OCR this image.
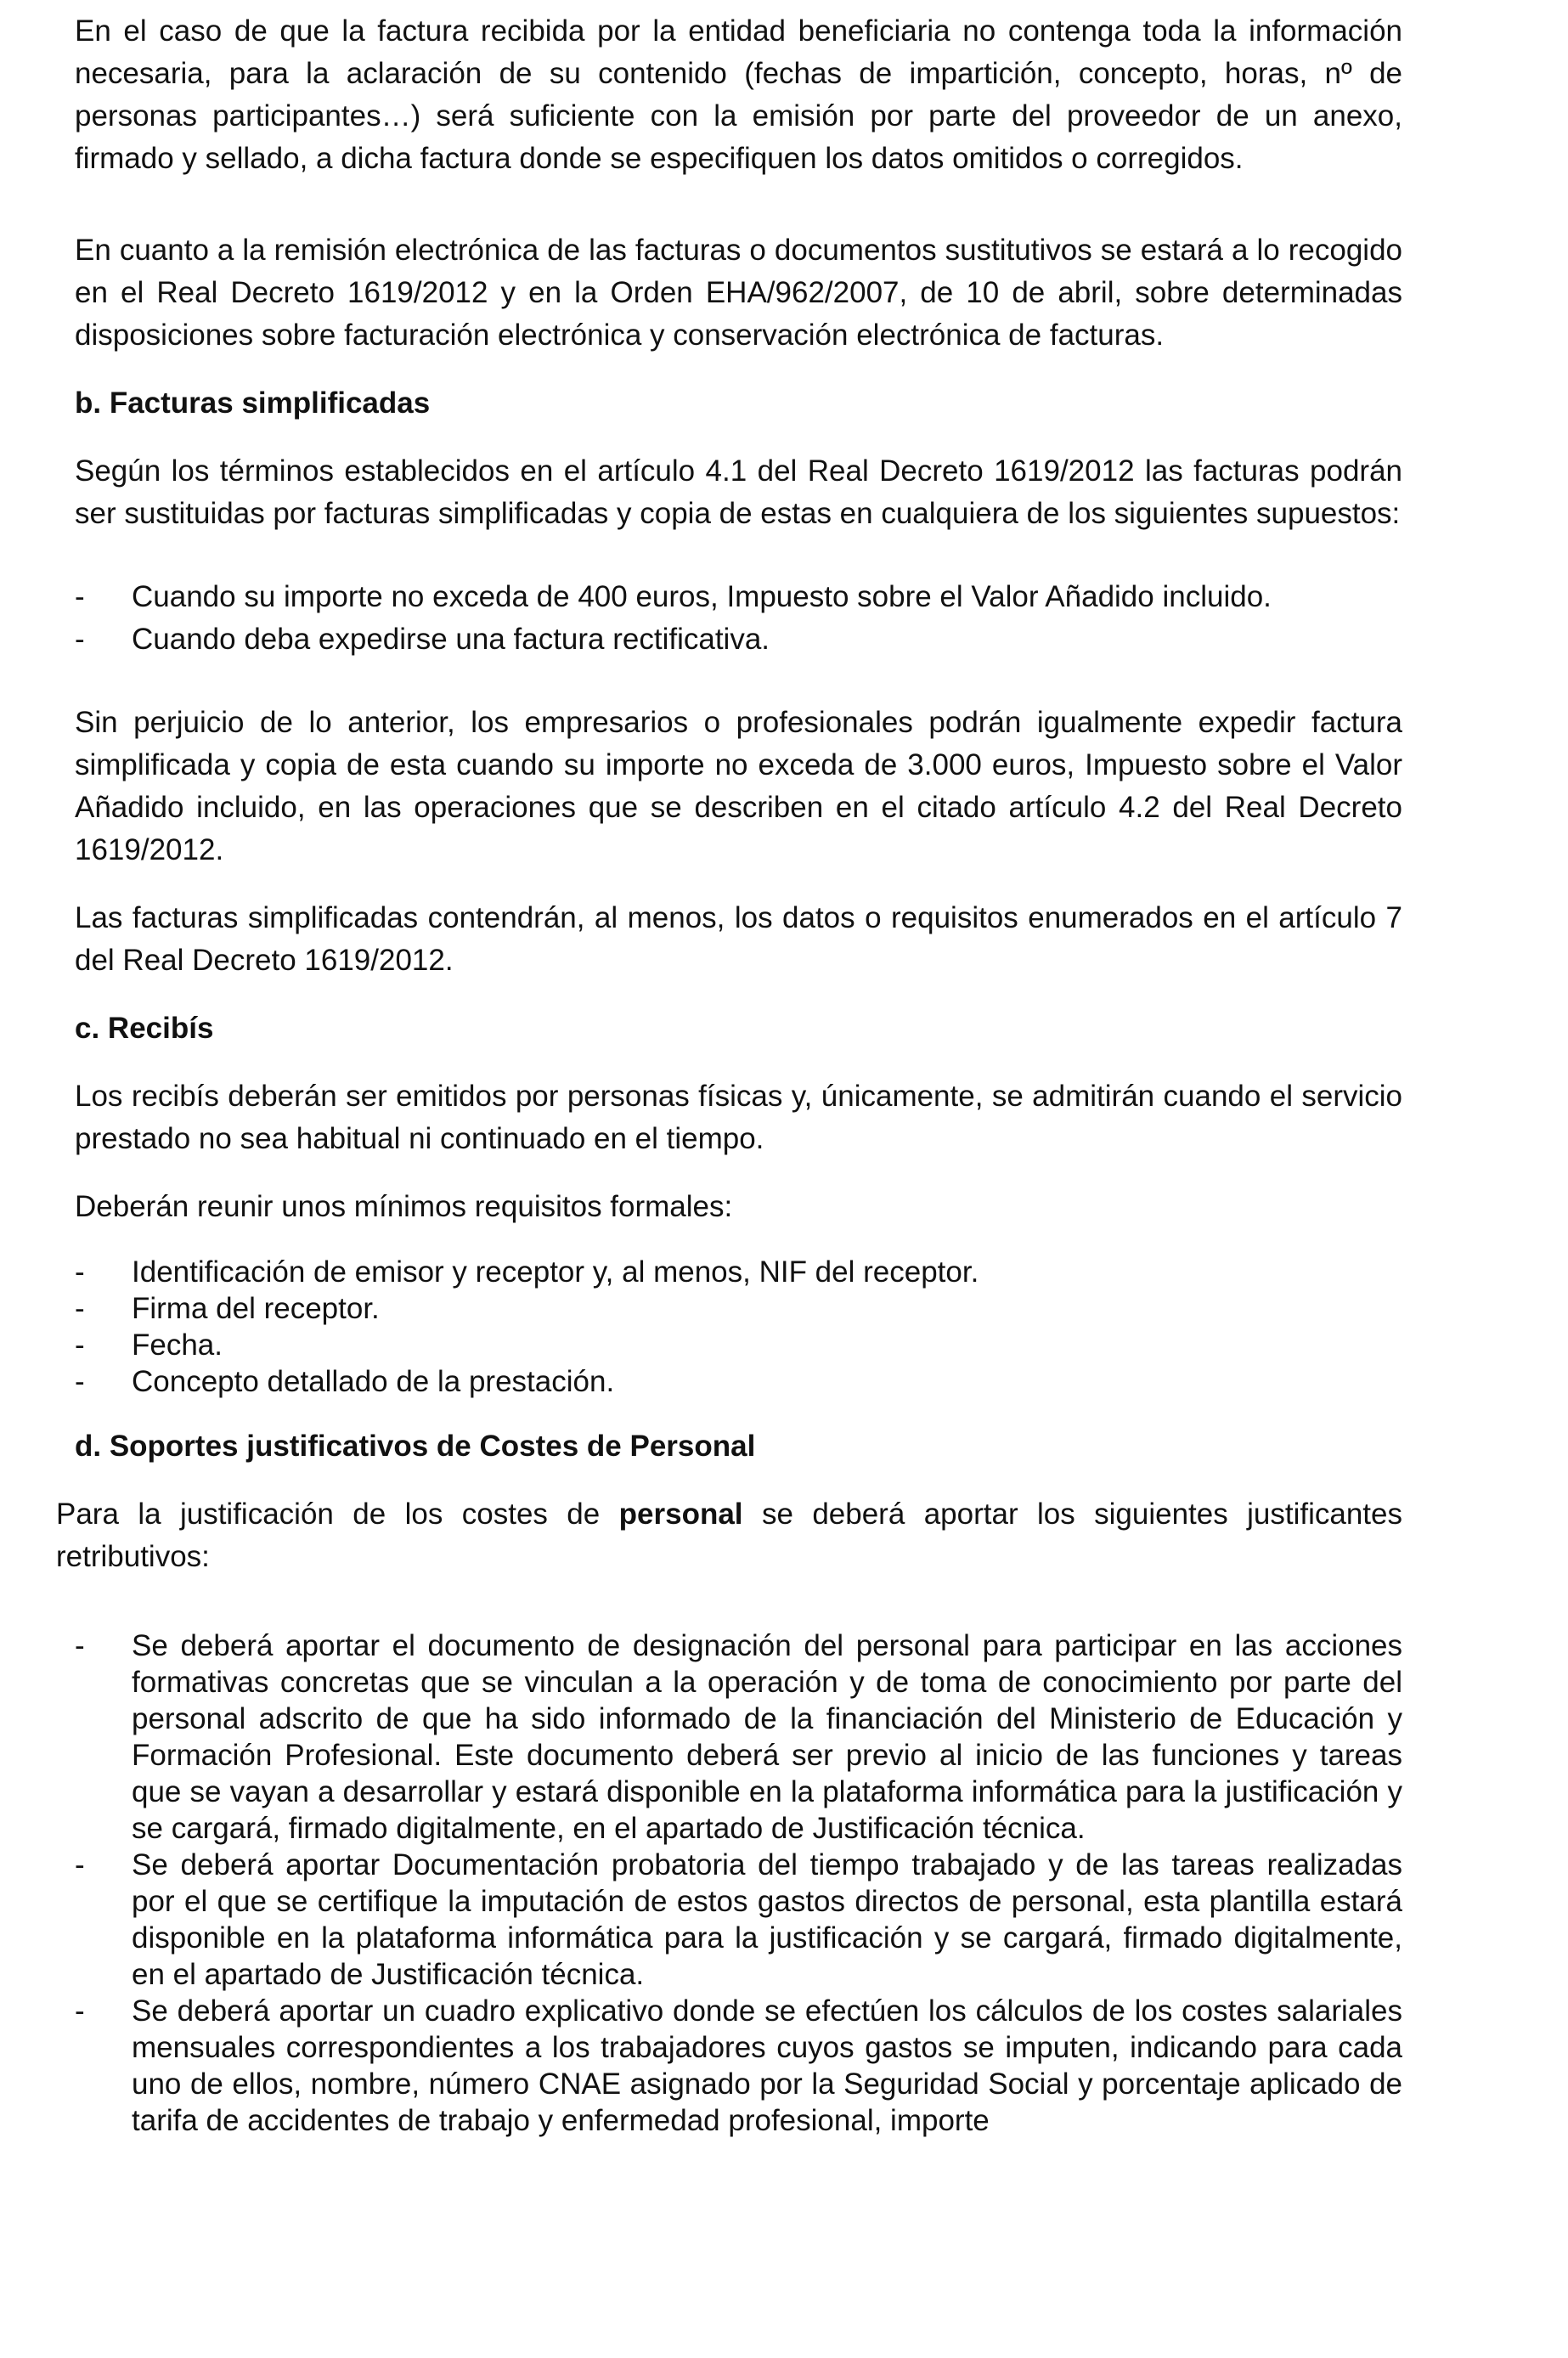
En el caso de que la factura recibida por la entidad beneficiaria no contenga toda la información necesaria, para la aclaración de su contenido (fechas de impartición, concepto, horas, nº de personas participantes…) será suficiente con la emisión por parte del proveedor de un anexo, firmado y sellado, a dicha factura donde se especifiquen los datos omitidos o corregidos.

En cuanto a la remisión electrónica de las facturas o documentos sustitutivos se estará a lo recogido en el Real Decreto 1619/2012 y en la Orden EHA/962/2007, de 10 de abril, sobre determinadas disposiciones sobre facturación electrónica y conservación electrónica de facturas.

b. Facturas simplificadas

Según los términos establecidos en el artículo 4.1 del Real Decreto 1619/2012 las facturas podrán ser sustituidas por facturas simplificadas y copia de estas en cualquiera de los siguientes supuestos:

- Cuando su importe no exceda de 400 euros, Impuesto sobre el Valor Añadido incluido.
- Cuando deba expedirse una factura rectificativa.

Sin perjuicio de lo anterior, los empresarios o profesionales podrán igualmente expedir factura simplificada y copia de esta cuando su importe no exceda de 3.000 euros, Impuesto sobre el Valor Añadido incluido, en las operaciones que se describen en el citado artículo 4.2 del Real Decreto 1619/2012.

Las facturas simplificadas contendrán, al menos, los datos o requisitos enumerados en el artículo 7 del Real Decreto 1619/2012.

c. Recibís

Los recibís deberán ser emitidos por personas físicas y, únicamente, se admitirán cuando el servicio prestado no sea habitual ni continuado en el tiempo.

Deberán reunir unos mínimos requisitos formales:

- Identificación de emisor y receptor y, al menos, NIF del receptor.
- Firma del receptor.
- Fecha.
- Concepto detallado de la prestación.
d. Soportes justificativos de Costes de Personal

Para la justificación de los costes de personal se deberá aportar los siguientes justificantes retributivos:

- Se deberá aportar el documento de designación del personal para participar en las acciones formativas concretas que se vinculan a la operación y de toma de conocimiento por parte del personal adscrito de que ha sido informado de la financiación del Ministerio de Educación y Formación Profesional. Este documento deberá ser previo al inicio de las funciones y tareas que se vayan a desarrollar y estará disponible en la plataforma informática para la justificación y se cargará, firmado digitalmente, en el apartado de Justificación técnica.
- Se deberá aportar Documentación probatoria del tiempo trabajado y de las tareas realizadas por el que se certifique la imputación de estos gastos directos de personal, esta plantilla estará disponible en la plataforma informática para la justificación y se cargará, firmado digitalmente, en el apartado de Justificación técnica.
- Se deberá aportar un cuadro explicativo donde se efectúen los cálculos de los costes salariales mensuales correspondientes a los trabajadores cuyos gastos se imputen, indicando para cada uno de ellos, nombre, número CNAE asignado por la Seguridad Social y porcentaje aplicado de tarifa de accidentes de trabajo y enfermedad profesional, importe
